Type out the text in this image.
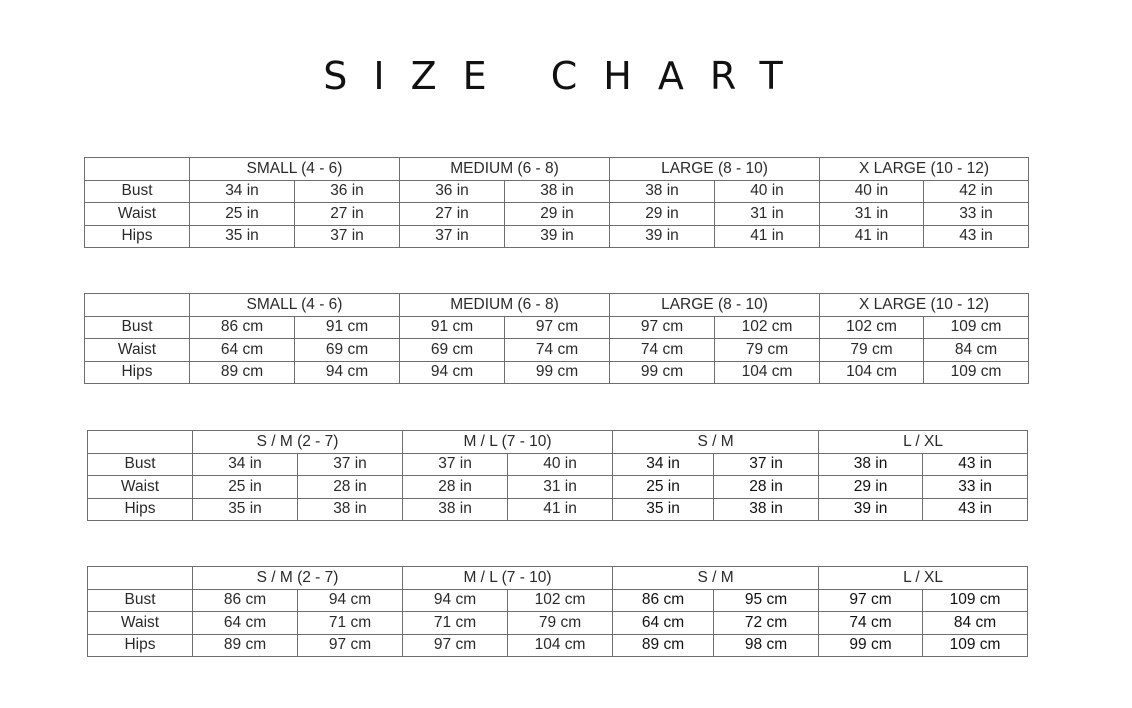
SIZE CHART
	SMALL (4 - 6)		MEDIUM (6 - 8)		LARGE (8 - 10)		X LARGE (10 - 12)	
Bust	34 in	36 in	36 in	38 in	38 in	40 in	40 in	42 in
Waist	25 in	27 in	27 in	29 in	29 in	31 in	31 in	33 in
Hips	35 in	37 in	37 in	39 in	39 in	41 in	41 in	43 in
	SMALL (4 - 6)		MEDIUM (6 - 8)		LARGE (8 - 10)		X LARGE (10 - 12)	
Bust	86 cm	91 cm	91 cm	97 cm	97 cm	102 cm	102 cm	109 cm
Waist	64 cm	69 cm	69 cm	74 cm	74 cm	79 cm	79 cm	84 cm
Hips	89 cm	94 cm	94 cm	99 cm	99 cm	104 cm	104 cm	109 cm
	S / M (2 - 7)		M / L (7 - 10)		S / M		L / XL	
Bust	34 in	37 in	37 in	40 in	34 in	37 in	38 in	43 in
Waist	25 in	28 in	28 in	31 in	25 in	28 in	29 in	33 in
Hips	35 in	38 in	38 in	41 in	35 in	38 in	39 in	43 in
	S / M (2 - 7)		M / L (7 - 10)		S / M		L / XL	
Bust	86 cm	94 cm	94 cm	102 cm	86 cm	95 cm	97 cm	109 cm
Waist	64 cm	71 cm	71 cm	79 cm	64 cm	72 cm	74 cm	84 cm
Hips	89 cm	97 cm	97 cm	104 cm	89 cm	98 cm	99 cm	109 cm
